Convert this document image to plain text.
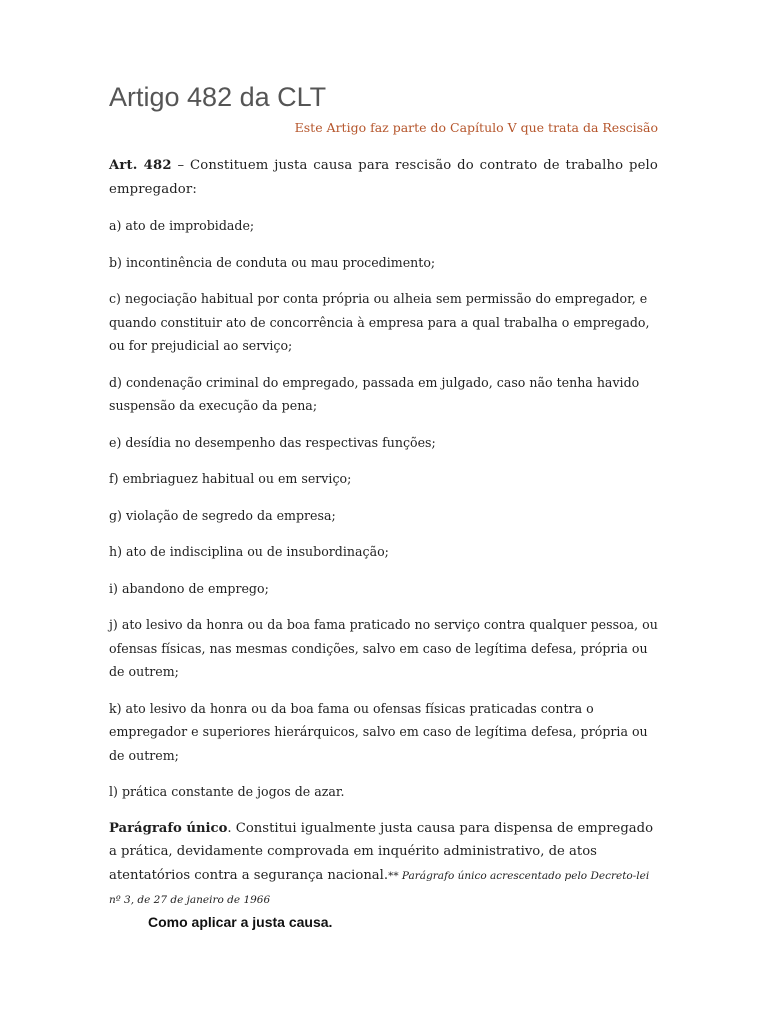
Artigo 482 da CLT
Este Artigo faz parte do Capítulo V que trata da Rescisão

Art. 482 – Constituem justa causa para rescisão do contrato de trabalho pelo empregador:

a) ato de improbidade;

b) incontinência de conduta ou mau procedimento;

c) negociação habitual por conta própria ou alheia sem permissão do empregador, e quando constituir ato de concorrência à empresa para a qual trabalha o empregado, ou for prejudicial ao serviço;

d) condenação criminal do empregado, passada em julgado, caso não tenha havido suspensão da execução da pena;

e) desídia no desempenho das respectivas funções;

f) embriaguez habitual ou em serviço;

g) violação de segredo da empresa;

h) ato de indisciplina ou de insubordinação;

i) abandono de emprego;

j) ato lesivo da honra ou da boa fama praticado no serviço contra qualquer pessoa, ou ofensas físicas, nas mesmas condições, salvo em caso de legítima defesa, própria ou de outrem;

k) ato lesivo da honra ou da boa fama ou ofensas físicas praticadas contra o empregador e superiores hierárquicos, salvo em caso de legítima defesa, própria ou de outrem;

l) prática constante de jogos de azar.

Parágrafo único. Constitui igualmente justa causa para dispensa de empregado a prática, devidamente comprovada em inquérito administrativo, de atos atentatórios contra a segurança nacional.** Parágrafo único acrescentado pelo Decreto-lei nº 3, de 27 de janeiro de 1966

Como aplicar a justa causa.
